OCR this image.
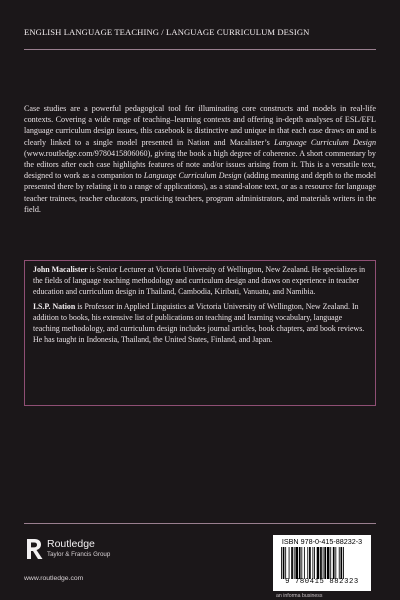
ENGLISH LANGUAGE TEACHING / LANGUAGE CURRICULUM DESIGN
Case studies are a powerful pedagogical tool for illuminating core constructs and models in real-life contexts. Covering a wide range of teaching–learning contexts and offering in-depth analyses of ESL/EFL language curriculum design issues, this casebook is distinctive and unique in that each case draws on and is clearly linked to a single model presented in Nation and Macalister’s Language Curriculum Design (www.routledge.com/9780415806060), giving the book a high degree of coherence. A short commentary by the editors after each case highlights features of note and/or issues arising from it. This is a versatile text, designed to work as a companion to Language Curriculum Design (adding meaning and depth to the model presented there by relating it to a range of applications), as a stand-alone text, or as a resource for language teacher trainees, teacher educators, practicing teachers, program administrators, and materials writers in the field.

John Macalister is Senior Lecturer at Victoria University of Wellington, New Zealand. He specializes in the fields of language teaching methodology and curriculum design and draws on experience in teacher education and curriculum design in Thailand, Cambodia, Kiribati, Vanuatu, and Namibia.

I.S.P. Nation is Professor in Applied Linguistics at Victoria University of Wellington, New Zealand. In addition to books, his extensive list of publications on teaching and learning vocabulary, language teaching methodology, and curriculum design includes journal articles, book chapters, and book reviews. He has taught in Indonesia, Thailand, the United States, Finland, and Japan.

Routledge
Taylor & Francis Group
www.routledge.com
ISBN 978-0-415-88232-3
9 780415 882323
an informa business
